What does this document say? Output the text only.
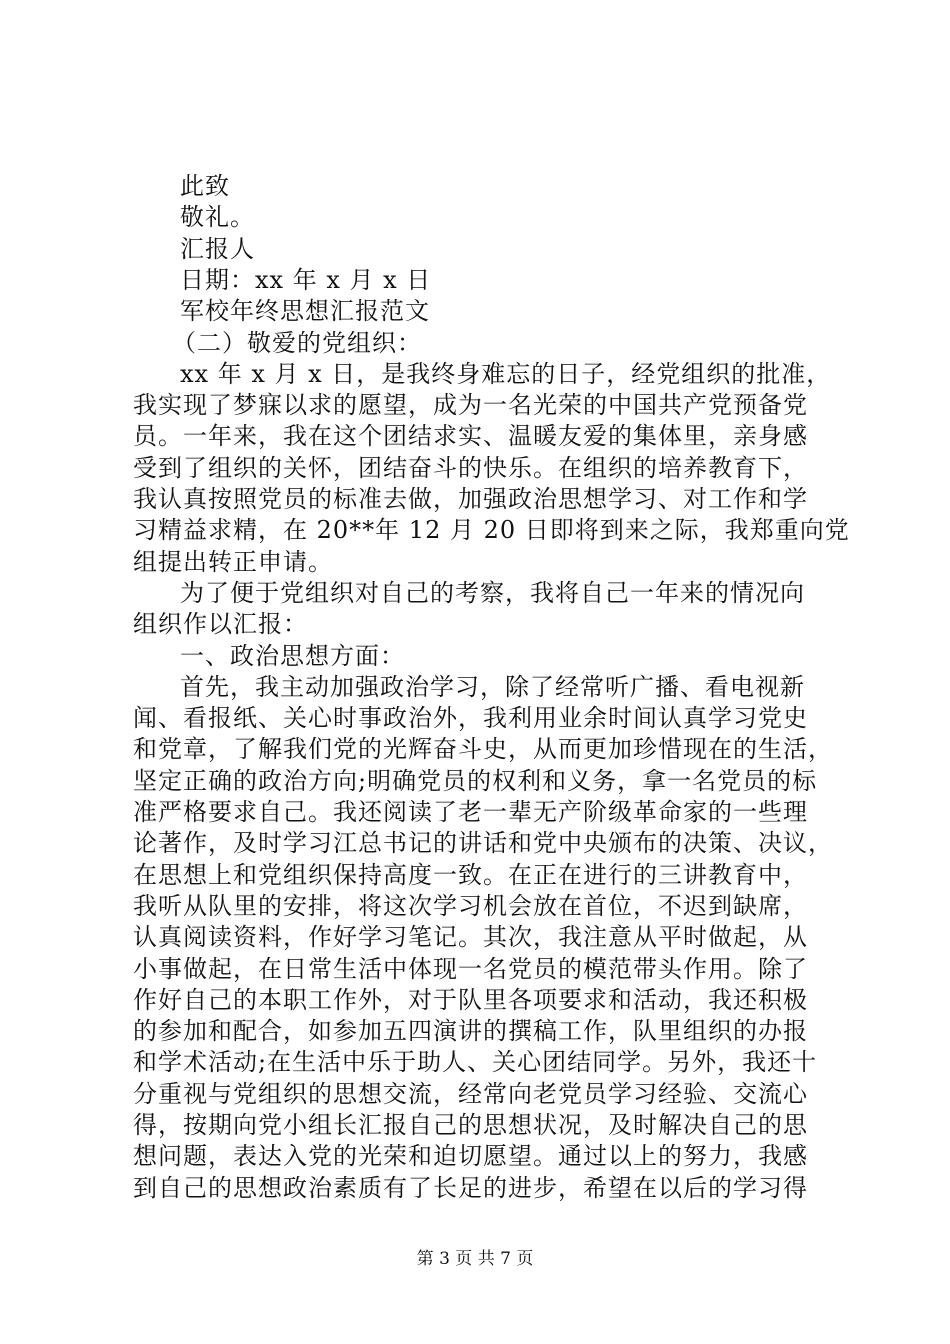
此致
敬礼。
汇报人
日期：xx 年 x 月 x 日
军校年终思想汇报范文
（二）敬爱的党组织：
xx 年 x 月 x 日，是我终身难忘的日子，经党组织的批准，
我实现了梦寐以求的愿望，成为一名光荣的中国共产党预备党
员。一年来，我在这个团结求实、温暖友爱的集体里，亲身感
受到了组织的关怀，团结奋斗的快乐。在组织的培养教育下，
我认真按照党员的标准去做，加强政治思想学习、对工作和学
习精益求精，在 20**年 12 月 20 日即将到来之际，我郑重向党
组提出转正申请。
为了便于党组织对自己的考察，我将自己一年来的情况向
组织作以汇报：
一、政治思想方面：
首先，我主动加强政治学习，除了经常听广播、看电视新
闻、看报纸、关心时事政治外，我利用业余时间认真学习党史
和党章，了解我们党的光辉奋斗史，从而更加珍惜现在的生活，
坚定正确的政治方向;明确党员的权利和义务，拿一名党员的标
准严格要求自己。我还阅读了老一辈无产阶级革命家的一些理
论著作，及时学习江总书记的讲话和党中央颁布的决策、决议，
在思想上和党组织保持高度一致。在正在进行的三讲教育中，
我听从队里的安排，将这次学习机会放在首位，不迟到缺席，
认真阅读资料，作好学习笔记。其次，我注意从平时做起，从
小事做起，在日常生活中体现一名党员的模范带头作用。除了
作好自己的本职工作外，对于队里各项要求和活动，我还积极
的参加和配合，如参加五四演讲的撰稿工作，队里组织的办报
和学术活动;在生活中乐于助人、关心团结同学。另外，我还十
分重视与党组织的思想交流，经常向老党员学习经验、交流心
得，按期向党小组长汇报自己的思想状况，及时解决自己的思
想问题，表达入党的光荣和迫切愿望。通过以上的努力，我感
到自己的思想政治素质有了长足的进步，希望在以后的学习得
第 3 页 共 7 页
